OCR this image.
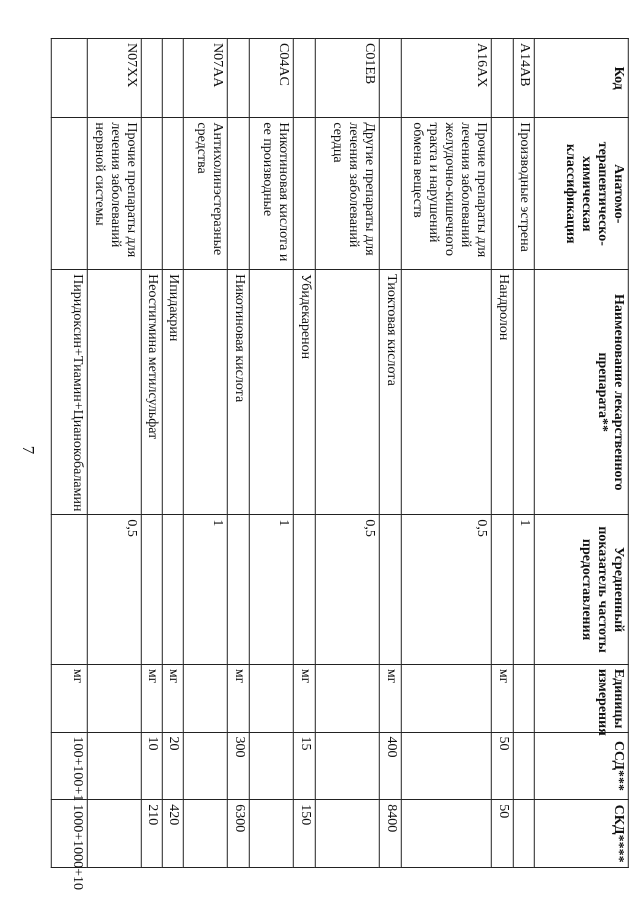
7
Код	Анатомо-терапевтическо-химическая классификация	Наименование лекарственного препарата**	Усредненный показатель частоты предоставления	Единицы измерения	ССД***	СКД****
A14AB	Производные эстрена		1			
		Нандролон		мг	50	50
A16AX	Прочие препараты для лечения заболеваний желудочно-кишечного тракта и нарушений обмена веществ		0,5			
		Тиоктовая кислота		мг	400	8400
C01EB	Другие препараты для лечения заболеваний сердца		0,5			
		Убидекаренон		мг	15	150
C04AC	Никотиновая кислота и ее производные		1			
		Никотиновая кислота		мг	300	6300
N07AA	Антихолинэстеразные средства		1			
		Ипидакрин		мг	20	420
		Неостигмина метилсульфат		мг	10	210
N07XX	Прочие препараты для лечения заболеваний нервной системы		0,5			
		Пиридоксин+Тиамин+Цианокобаламин		мг	100+100+1	1000+1000+10
